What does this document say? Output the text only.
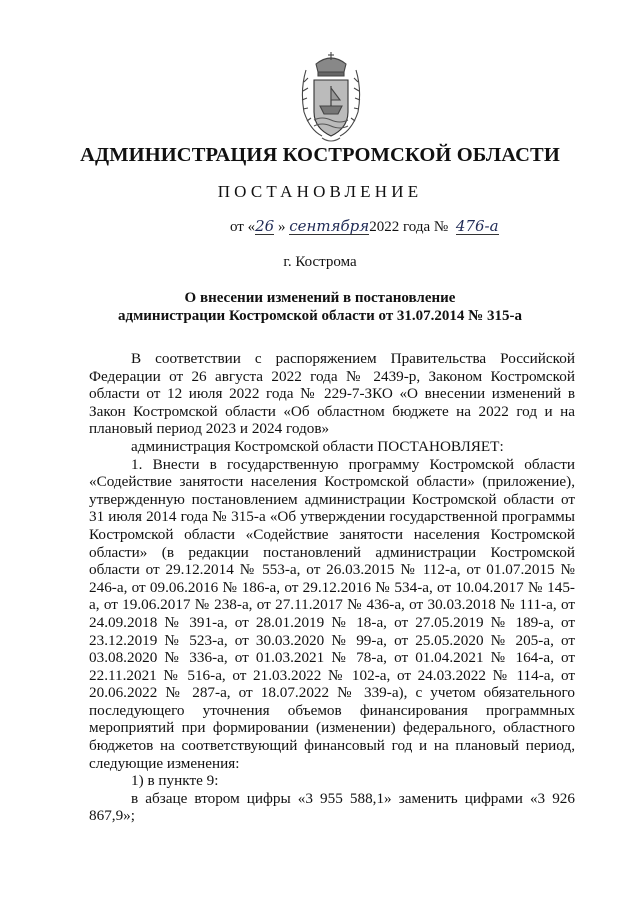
АДМИНИСТРАЦИЯ КОСТРОМСКОЙ ОБЛАСТИ
ПОСТАНОВЛЕНИЕ
от «26 » сентября2022 года № 476-а
г. Кострома
О внесении изменений в постановление
администрации Костромской области от 31.07.2014 № 315-а

В соответствии с распоряжением Правительства Российской Федерации от 26 августа 2022 года № 2439-р, Законом Костромской области от 12 июля 2022 года № 229-7-ЗКО «О внесении изменений в Закон Костромской области «Об областном бюджете на 2022 год и на плановый период 2023 и 2024 годов»

администрация Костромской области ПОСТАНОВЛЯЕТ:

1. Внести в государственную программу Костромской области «Содействие занятости населения Костромской области» (приложение), утвержденную постановлением администрации Костромской области от 31 июля 2014 года № 315-а «Об утверждении государственной программы Костромской области «Содействие занятости населения Костромской области» (в редакции постановлений администрации Костромской области от 29.12.2014 № 553-а, от 26.03.2015 № 112-а, от 01.07.2015 № 246-а, от 09.06.2016 № 186-а, от 29.12.2016 № 534-а, от 10.04.2017 № 145-а, от 19.06.2017 № 238-а, от 27.11.2017 № 436-а, от 30.03.2018 № 111-а, от 24.09.2018 № 391-а, от 28.01.2019 № 18-а, от 27.05.2019 № 189-а, от 23.12.2019 № 523-а, от 30.03.2020 № 99-а, от 25.05.2020 № 205-а, от 03.08.2020 № 336-а, от 01.03.2021 № 78-а, от 01.04.2021 № 164-а, от 22.11.2021 № 516-а, от 21.03.2022 № 102-а, от 24.03.2022 № 114-а, от 20.06.2022 № 287-а, от 18.07.2022 № 339-а), с учетом обязательного последующего уточнения объемов финансирования программных мероприятий при формировании (изменении) федерального, областного бюджетов на соответствующий финансовый год и на плановый период, следующие изменения:

1) в пункте 9:

в абзаце втором цифры «3 955 588,1» заменить цифрами «3 926 867,9»;
